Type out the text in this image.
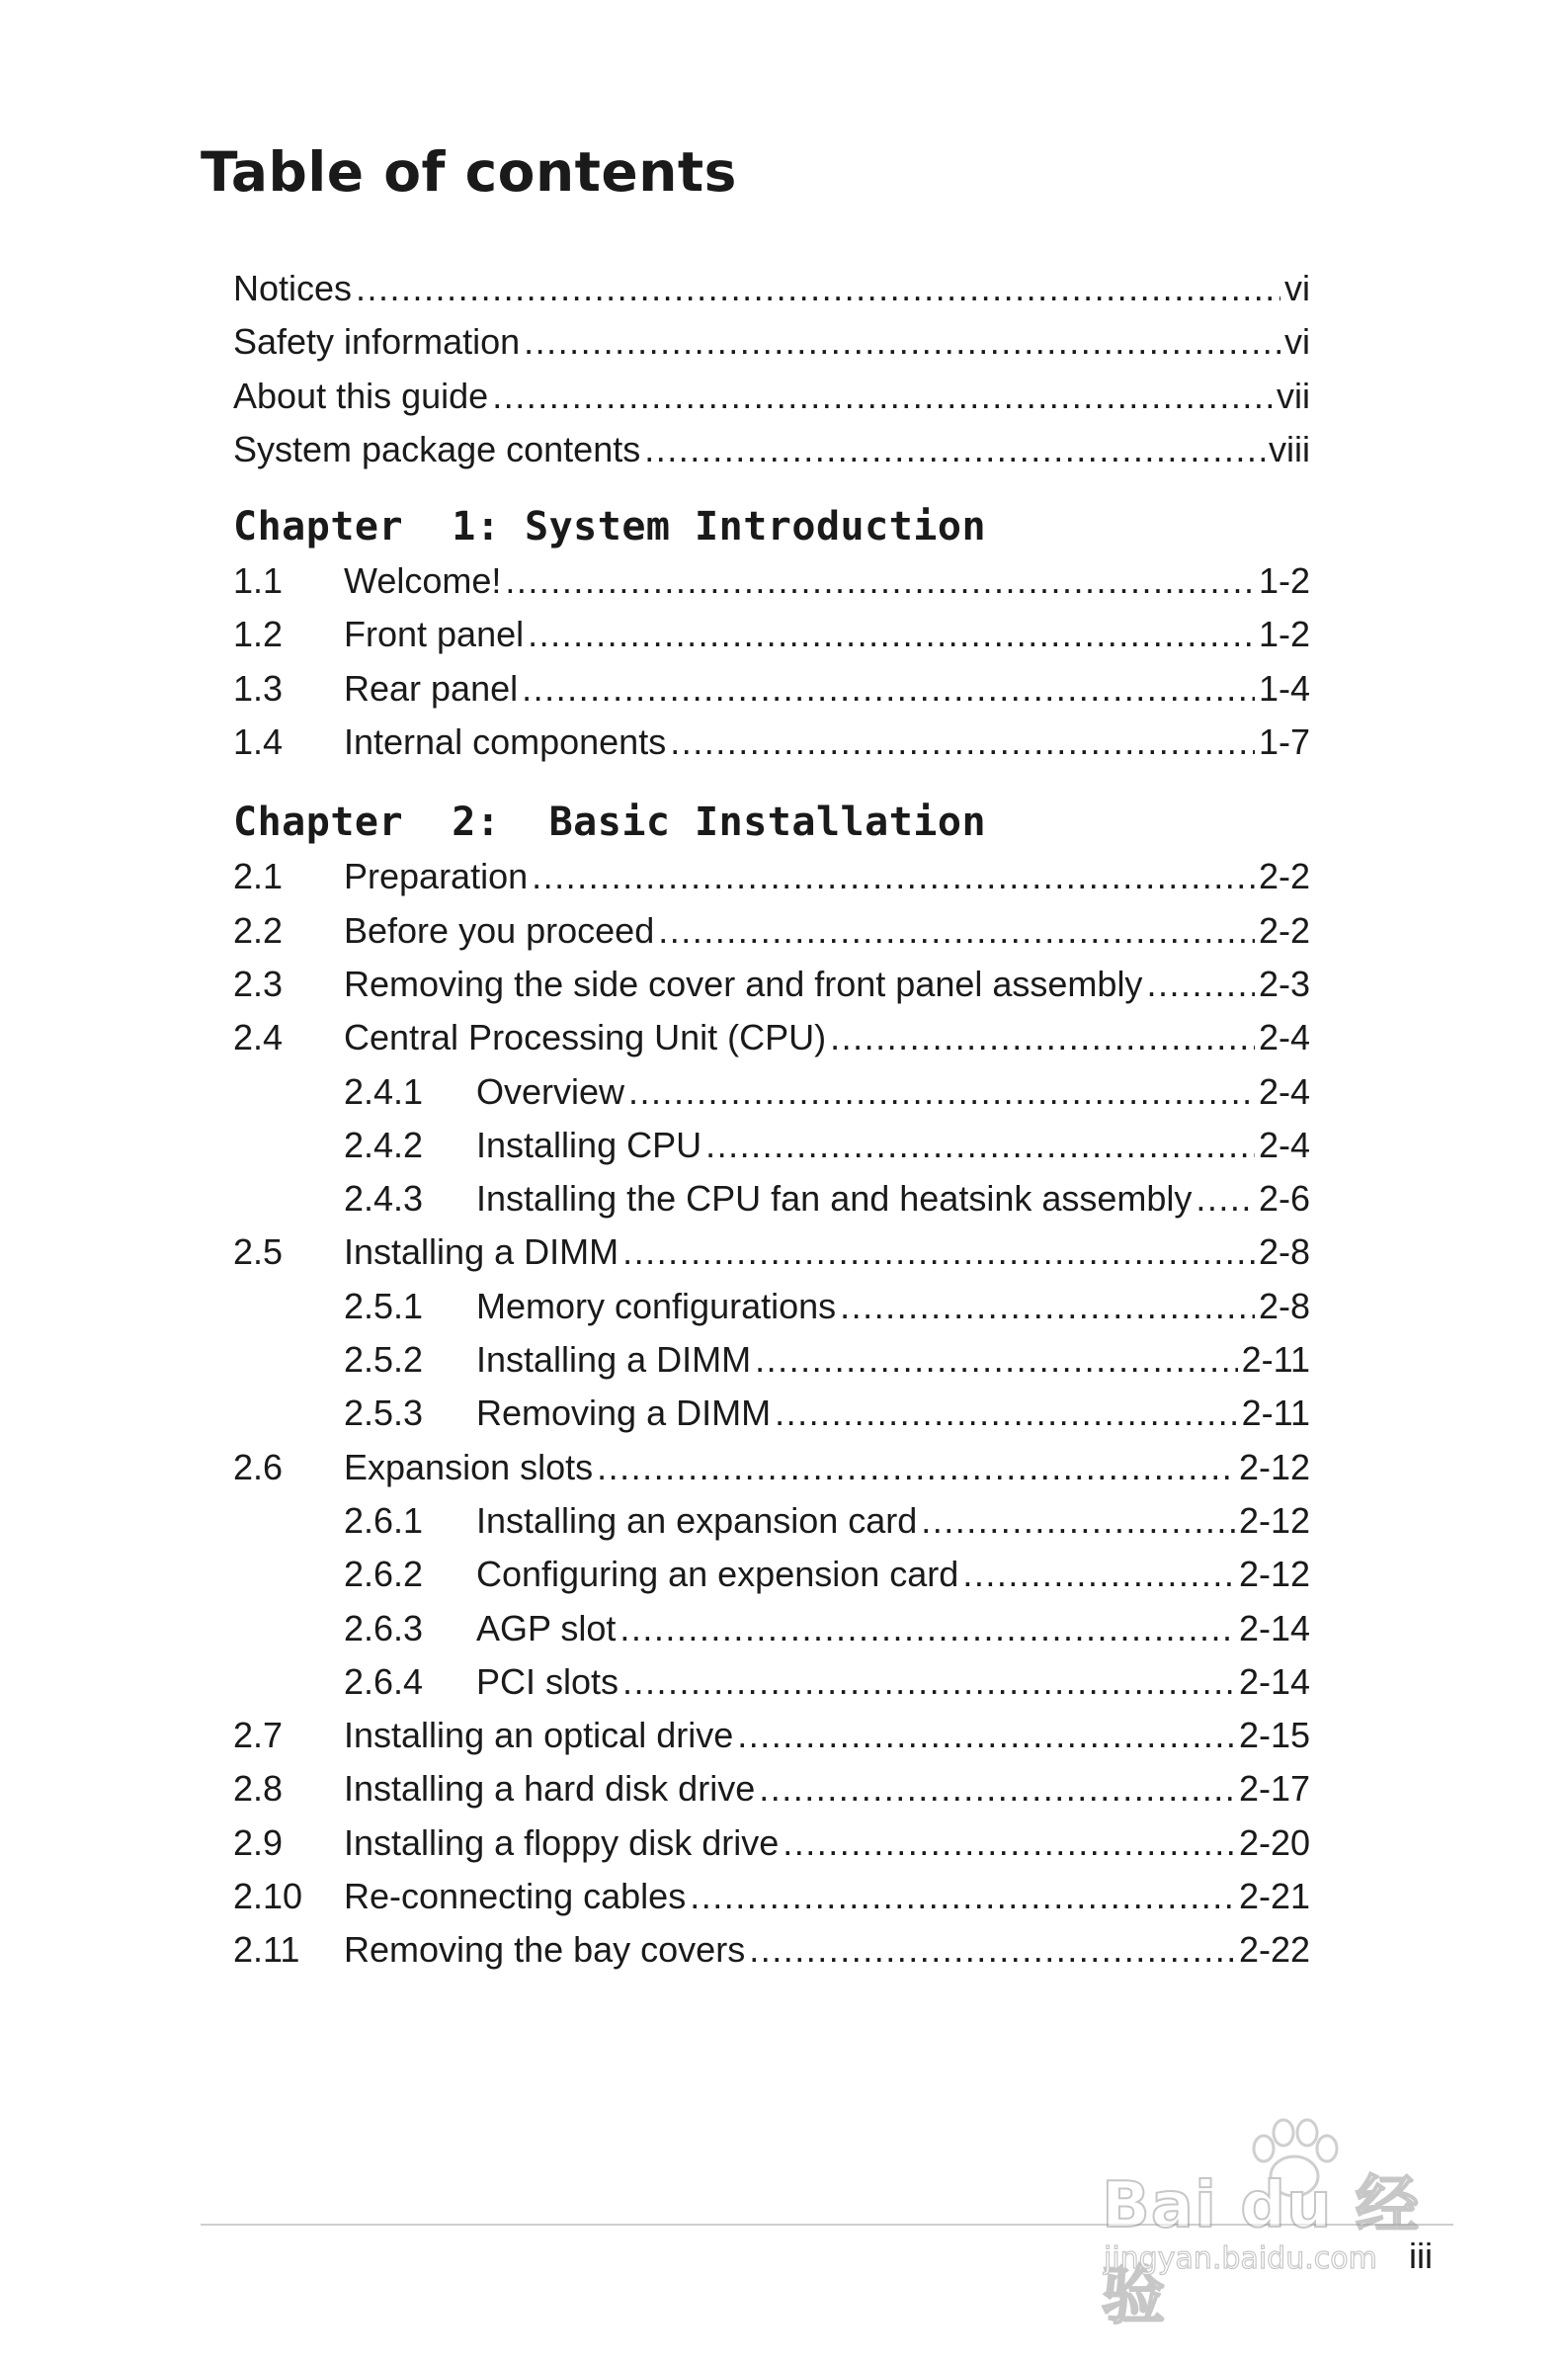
Table of contents
Notices .....	vi
Safety information .....	vi
About this guide .....	vii
System package contents .....	viii
Chapter  1: System Introduction
1.1	Welcome! .....	1-2
1.2	Front panel .....	1-2
1.3	Rear panel .....	1-4
1.4	Internal components .....	1-7
Chapter  2:  Basic Installation
2.1	Preparation .....	2-2
2.2	Before you proceed .....	2-2
2.3	Removing the side cover and front panel assembly .....	2-3
2.4	Central Processing Unit (CPU) .....	2-4
2.4.1	Overview .....	2-4
2.4.2	Installing CPU .....	2-4
2.4.3	Installing the CPU fan and heatsink assembly ..... 2-6
2.5	Installing a DIMM .....	2-8
2.5.1	Memory configurations .....	2-8
2.5.2	Installing a DIMM .....	2-11
2.5.3	Removing a DIMM .....	2-11
2.6	Expansion slots .....	2-12
2.6.1	Installing an expansion card .....	2-12
2.6.2	Configuring an expension card .....	2-12
2.6.3	AGP slot .....	2-14
2.6.4	PCI slots .....	2-14
2.7	Installing an optical drive .....	2-15
2.8	Installing a hard disk drive .....	2-17
2.9	Installing a floppy disk drive .....	2-20
2.10	Re-connecting cables .....	2-21
2.11	Removing the bay covers .....	2-22
Bai du 经验
jingyan.baidu.com iii
